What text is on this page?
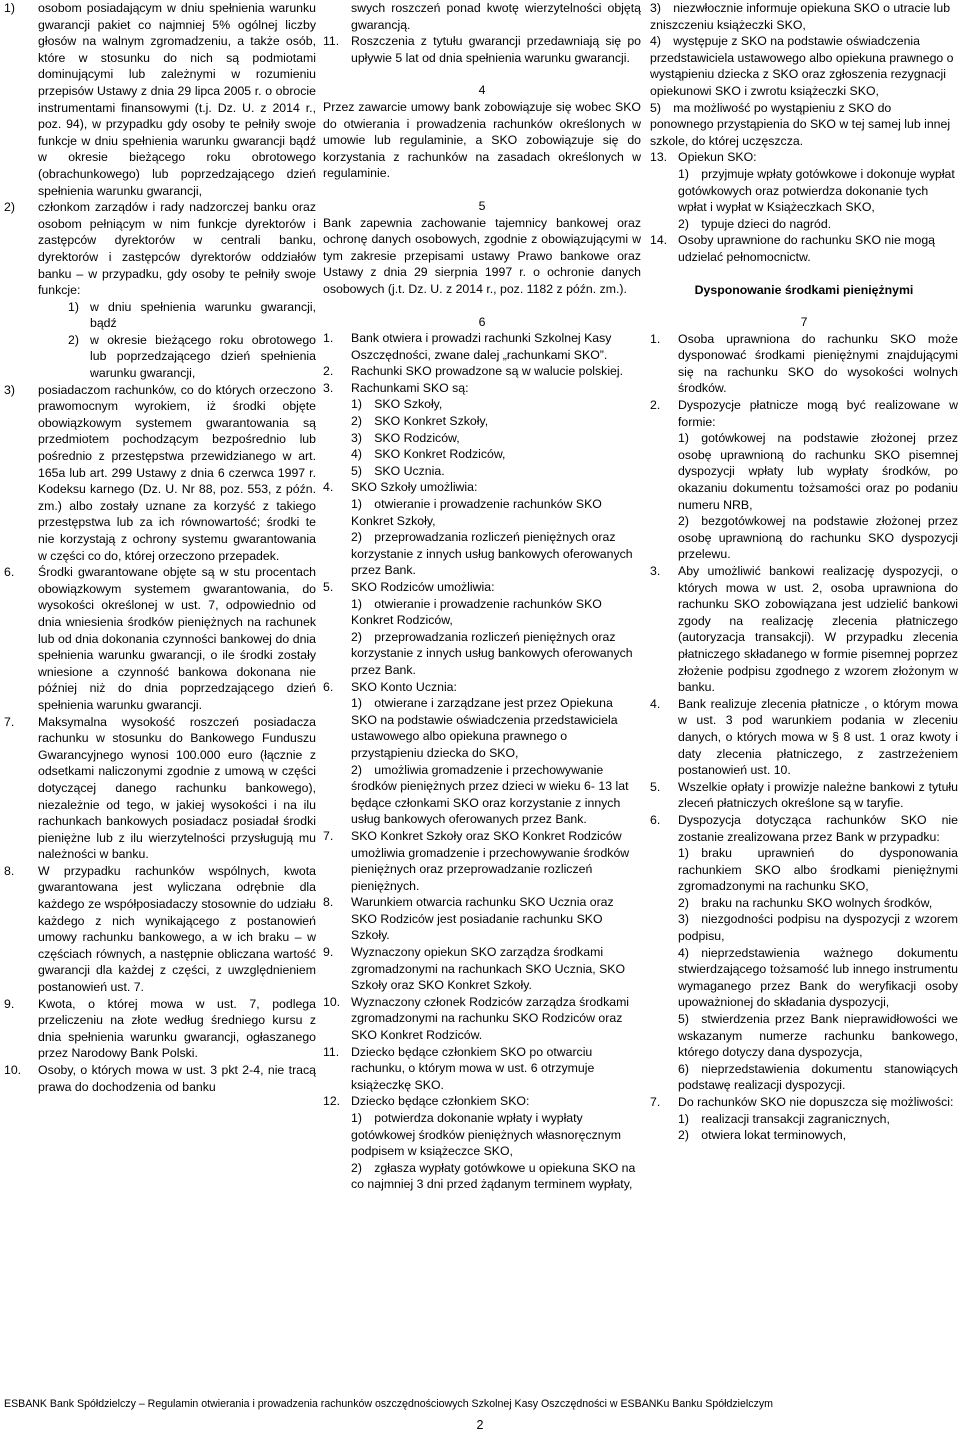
1) osobom posiadającym w dniu spełnienia warunku gwarancji pakiet co najmniej 5% ogólnej liczby głosów na walnym zgromadzeniu, a także osób, które w stosunku do nich są podmiotami dominującymi lub zależnymi w rozumieniu przepisów Ustawy z dnia 29 lipca 2005 r. o obrocie instrumentami finansowymi (t.j. Dz. U. z 2014 r., poz. 94), w przypadku gdy osoby te pełniły swoje funkcje w dniu spełnienia warunku gwarancji bądź w okresie bieżącego roku obrotowego (obrachunkowego) lub poprzedzającego dzień spełnienia warunku gwarancji,
2) członkom zarządów i rady nadzorczej banku oraz osobom pełniącym w nim funkcje dyrektorów i zastępców dyrektorów w centrali banku, dyrektorów i zastępców dyrektorów oddziałów banku – w przypadku, gdy osoby te pełniły swoje funkcje:
1) w dniu spełnienia warunku gwarancji, bądź
2) w okresie bieżącego roku obrotowego lub poprzedzającego dzień spełnienia warunku gwarancji,
3) posiadaczom rachunków, co do których orzeczono prawomocnym wyrokiem, iż środki objęte obowiązkowym systemem gwarantowania są przedmiotem pochodzącym bezpośrednio lub pośrednio z przestępstwa przewidzianego w art. 165a lub art. 299 Ustawy z dnia 6 czerwca 1997 r. Kodeksu karnego (Dz. U. Nr 88, poz. 553, z późn. zm.) albo zostały uznane za korzyść z takiego przestępstwa lub za ich równowartość; środki te nie korzystają z ochrony systemu gwarantowania w części co do, której orzeczono przepadek.
6. Środki gwarantowane objęte są w stu procentach obowiązkowym systemem gwarantowania, do wysokości określonej w ust. 7, odpowiednio od dnia wniesienia środków pieniężnych na rachunek lub od dnia dokonania czynności bankowej do dnia spełnienia warunku gwarancji, o ile środki zostały wniesione a czynność bankowa dokonana nie później niż do dnia poprzedzającego dzień spełnienia warunku gwarancji.
7. Maksymalna wysokość roszczeń posiadacza rachunku w stosunku do Bankowego Funduszu Gwarancyjnego wynosi 100.000 euro (łącznie z odsetkami naliczonymi zgodnie z umową w części dotyczącej danego rachunku bankowego), niezależnie od tego, w jakiej wysokości i na ilu rachunkach bankowych posiadacz posiadał środki pieniężne lub z ilu wierzytelności przysługują mu należności w banku.
8. W przypadku rachunków wspólnych, kwota gwarantowana jest wyliczana odrębnie dla każdego ze współposiadaczy stosownie do udziału każdego z nich wynikającego z postanowień umowy rachunku bankowego, a w ich braku – w częściach równych, a następnie obliczana wartość gwarancji dla każdej z części, z uwzględnieniem postanowień ust. 7.
9. Kwota, o której mowa w ust. 7, podlega przeliczeniu na złote według średniego kursu z dnia spełnienia warunku gwarancji, ogłaszanego przez Narodowy Bank Polski.
10. Osoby, o których mowa w ust. 3 pkt 2-4, nie tracą prawa do dochodzenia od banku
swych roszczeń ponad kwotę wierzytelności objętą gwarancją.
11. Roszczenia z tytułu gwarancji przedawniają się po upływie 5 lat od dnia spełnienia warunku gwarancji.
4
Przez zawarcie umowy bank zobowiązuje się wobec SKO do otwierania i prowadzenia rachunków określonych w umowie lub regulaminie, a SKO zobowiązuje się do korzystania z rachunków na zasadach określonych w regulaminie.
5
Bank zapewnia zachowanie tajemnicy bankowej oraz ochronę danych osobowych, zgodnie z obowiązującymi w tym zakresie przepisami ustawy Prawo bankowe oraz Ustawy z dnia 29 sierpnia 1997 r. o ochronie danych osobowych (j.t. Dz. U. z 2014 r., poz. 1182 z późn. zm.).
6
1. Bank otwiera i prowadzi rachunki Szkolnej Kasy Oszczędności, zwane dalej „rachunkami SKO”.
2. Rachunki SKO prowadzone są w walucie polskiej.
3. Rachunkami SKO są:
1) SKO Szkoły,
2) SKO Konkret Szkoły,
3) SKO Rodziców,
4) SKO Konkret Rodziców,
5) SKO Ucznia.
4. SKO Szkoły umożliwia:
1) otwieranie i prowadzenie rachunków SKO Konkret Szkoły,
2) przeprowadzania rozliczeń pieniężnych oraz korzystanie z innych usług bankowych oferowanych przez Bank.
5. SKO Rodziców umożliwia:
1) otwieranie i prowadzenie rachunków SKO Konkret Rodziców,
2) przeprowadzania rozliczeń pieniężnych oraz korzystanie z innych usług bankowych oferowanych przez Bank.
6. SKO Konto Ucznia:
1) otwierane i zarządzane jest przez Opiekuna SKO na podstawie oświadczenia przedstawiciela ustawowego albo opiekuna prawnego o przystąpieniu dziecka do SKO,
2) umożliwia gromadzenie i przechowywanie środków pieniężnych przez dzieci w wieku 6- 13 lat będące członkami SKO oraz korzystanie z innych usług bankowych oferowanych przez Bank.
7. SKO Konkret Szkoły oraz SKO Konkret Rodziców umożliwia gromadzenie i przechowywanie środków pieniężnych oraz przeprowadzanie rozliczeń pieniężnych.
8. Warunkiem otwarcia rachunku SKO Ucznia oraz SKO Rodziców jest posiadanie rachunku SKO Szkoły.
9. Wyznaczony opiekun SKO zarządza środkami zgromadzonymi na rachunkach SKO Ucznia, SKO Szkoły oraz SKO Konkret Szkoły.
10. Wyznaczony członek Rodziców zarządza środkami zgromadzonymi na rachunku SKO Rodziców oraz SKO Konkret Rodziców.
11. Dziecko będące członkiem SKO po otwarciu rachunku, o którym mowa w ust. 6 otrzymuje książeczkę SKO.
12. Dziecko będące członkiem SKO:
1) potwierdza dokonanie wpłaty i wypłaty gotówkowej środków pieniężnych własnoręcznym podpisem w książeczce SKO,
2) zgłasza wypłaty gotówkowe u opiekuna SKO na co najmniej 3 dni przed żądanym terminem wypłaty,
3) niezwłocznie informuje opiekuna SKO o utracie lub zniszczeniu książeczki SKO,
4) występuje z SKO na podstawie oświadczenia przedstawiciela ustawowego albo opiekuna prawnego o wystąpieniu dziecka z SKO oraz zgłoszenia rezygnacji opiekunowi SKO i zwrotu książeczki SKO,
5) ma możliwość po wystąpieniu z SKO do ponownego przystąpienia do SKO w tej samej lub innej szkole, do której uczęszcza.
13. Opiekun SKO:
1) przyjmuje wpłaty gotówkowe i dokonuje wypłat gotówkowych oraz potwierdza dokonanie tych wpłat i wypłat w Książeczkach SKO,
2) typuje dzieci do nagród.
14. Osoby uprawnione do rachunku SKO nie mogą udzielać pełnomocnictw.
Dysponowanie środkami pieniężnymi
7
1. Osoba uprawniona do rachunku SKO może dysponować środkami pieniężnymi znajdującymi się na rachunku SKO do wysokości wolnych środków.
2. Dyspozycje płatnicze mogą być realizowane w formie:
1) gotówkowej na podstawie złożonej przez osobę uprawnioną do rachunku SKO pisemnej dyspozycji wpłaty lub wypłaty środków, po okazaniu dokumentu tożsamości oraz po podaniu numeru NRB,
2) bezgotówkowej na podstawie złożonej przez osobę uprawnioną do rachunku SKO dyspozycji przelewu.
3. Aby umożliwić bankowi realizację dyspozycji, o których mowa w ust. 2, osoba uprawniona do rachunku SKO zobowiązana jest udzielić bankowi zgody na realizację zlecenia płatniczego (autoryzacja transakcji). W przypadku zlecenia płatniczego składanego w formie pisemnej poprzez złożenie podpisu zgodnego z wzorem złożonym w banku.
4. Bank realizuje zlecenia płatnicze , o którym mowa w ust. 3 pod warunkiem podania w zleceniu danych, o których mowa w § 8 ust. 1 oraz kwoty i daty zlecenia płatniczego, z zastrzeżeniem postanowień ust. 10.
5. Wszelkie opłaty i prowizje należne bankowi z tytułu zleceń płatniczych określone są w taryfie.
6. Dyspozycja dotycząca rachunków SKO nie zostanie zrealizowana przez Bank w przypadku:
1) braku uprawnień do dysponowania rachunkiem SKO albo środkami pieniężnymi zgromadzonymi na rachunku SKO,
2) braku na rachunku SKO wolnych środków,
3) niezgodności podpisu na dyspozycji z wzorem podpisu,
4) nieprzedstawienia ważnego dokumentu stwierdzającego tożsamość lub innego instrumentu wymaganego przez Bank do weryfikacji osoby upoważnionej do składania dyspozycji,
5) stwierdzenia przez Bank nieprawidłowości we wskazanym numerze rachunku bankowego, którego dotyczy dana dyspozycja,
6) nieprzedstawienia dokumentu stanowiących podstawę realizacji dyspozycji.
7. Do rachunków SKO nie dopuszcza się możliwości:
1) realizacji transakcji zagranicznych,
2) otwiera lokat terminowych,
ESBANK Bank Spółdzielczy – Regulamin otwierania i prowadzenia rachunków oszczędnościowych Szkolnej Kasy Oszczędności w ESBANKu Banku Spółdzielczym
2
